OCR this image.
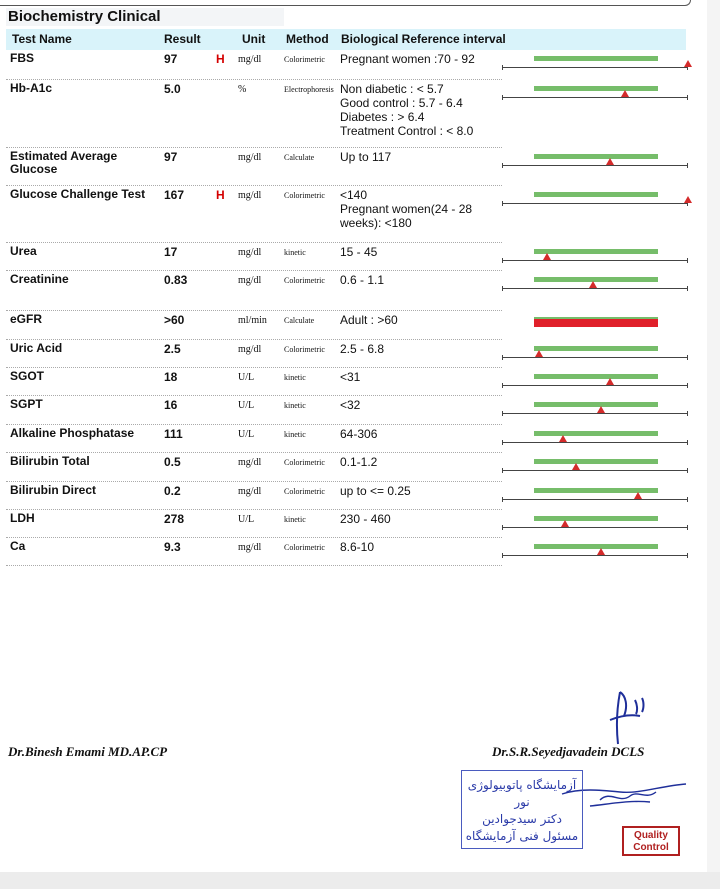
Biochemistry Clinical
Test Name	Result	Unit Method Biological Reference interval
FBS	97	H mg/dl	Colorimetric Pregnant women :70 - 92
Hb-A1c	5.0	%	Electrophoresis Non diabetic : < 5.7
Good control : 5.7 - 6.4
Diabetes : > 6.4
Treatment Control : < 8.0
Estimated Average Glucose
97	mg/dl	Calculate Up to 117
Glucose Challenge Test 167	H mg/dl	Colorimetric <140
Pregnant women(24 - 28
weeks): <180
Urea	17	mg/dl	kinetic	15 - 45
Creatinine	0.83	mg/dl	Colorimetric 0.6 - 1.1
eGFR	>60	ml/min Calculate Adult : >60
Uric Acid	2.5	mg/dl	Colorimetric 2.5 - 6.8
SGOT	18	U/L	kinetic	<31
SGPT	16	U/L	kinetic	<32
Alkaline Phosphatase 111	U/L	kinetic	64-306
Bilirubin Total	0.5	mg/dl	Colorimetric 0.1-1.2
Bilirubin Direct	0.2	mg/dl	Colorimetric up to <= 0.25
LDH	278	U/L	kinetic	230 - 460
Ca	9.3	mg/dl	Colorimetric 8.6-10
Dr.Binesh Emami MD.AP.CP	Dr.S.R.Seyedjavadein DCLS
آزمایشگاه پاتوبیولوژی نور
دکتر سیدجوادین
مسئول فنی آزمایشگاه	Quality
Control
